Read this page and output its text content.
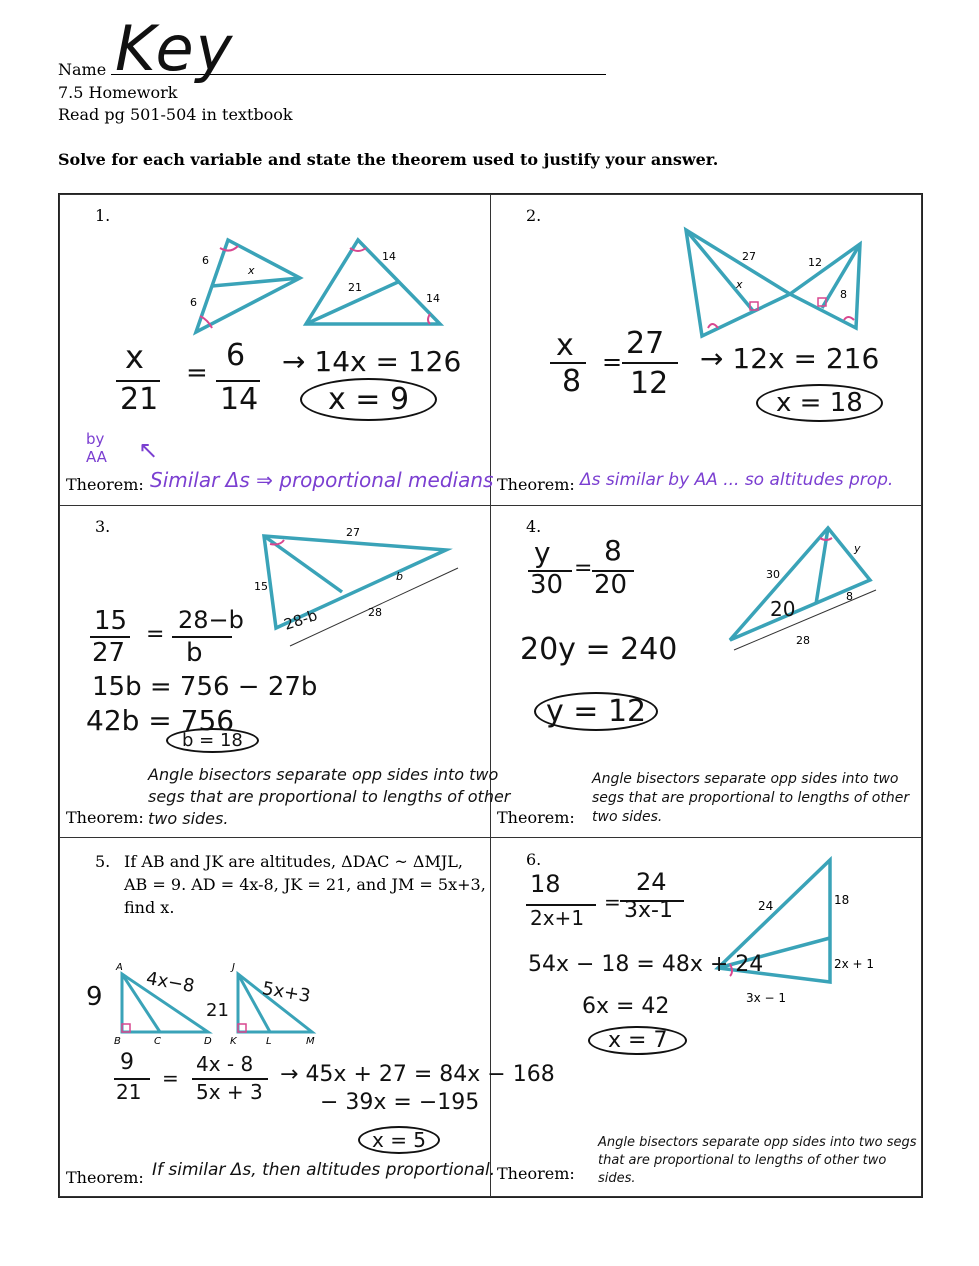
Name Key
7.5 Homework
Read pg 501-504 in textbook
Solve for each variable and state the theorem used to justify your answer.
1.
6
x
6
14
21
14
x
21
= 6
14
→ 14x = 126
x = 9
by AA	↖
Theorem: Similar Δs ⇒ proportional medians
2.
27	12
x
8
x
8
=
27
12
→ 12x = 216
x = 18
Theorem: Δs similar by AA ... so altitudes prop.
3.	27
15
b
28
28-b
15
27
=
28−b
b
15b = 756 − 27b
42b = 756
b = 18
Theorem:
Angle bisectors separate opp sides into two segs that are proportional to lengths of other two sides.
4.
30
y
8
28
20
y
30
=
8
20
20y = 240
y = 12
Theorem:
Angle bisectors separate opp sides into two segs that are proportional to lengths of other two sides.
5. If AB and JK are altitudes, ΔDAC ~ ΔMJL,
AB = 9. AD = 4x-8, JK = 21, and JM = 5x+3,
find x.
A
B	C	D
J
K	L	M
9 4x−8
21
5x+3
9
21
=
4x - 8
5x + 3
→ 45x + 27 = 84x − 168
− 39x = −195
x = 5
Theorem: If similar Δs, then altitudes proportional.
6.
24	18
2x + 1
3x − 1
18
2x+1
=
24
3x-1
54x − 18 = 48x + 24
6x = 42
x = 7
Theorem:
Angle bisectors separate opp sides into two segs that are proportional to lengths of other two sides.
